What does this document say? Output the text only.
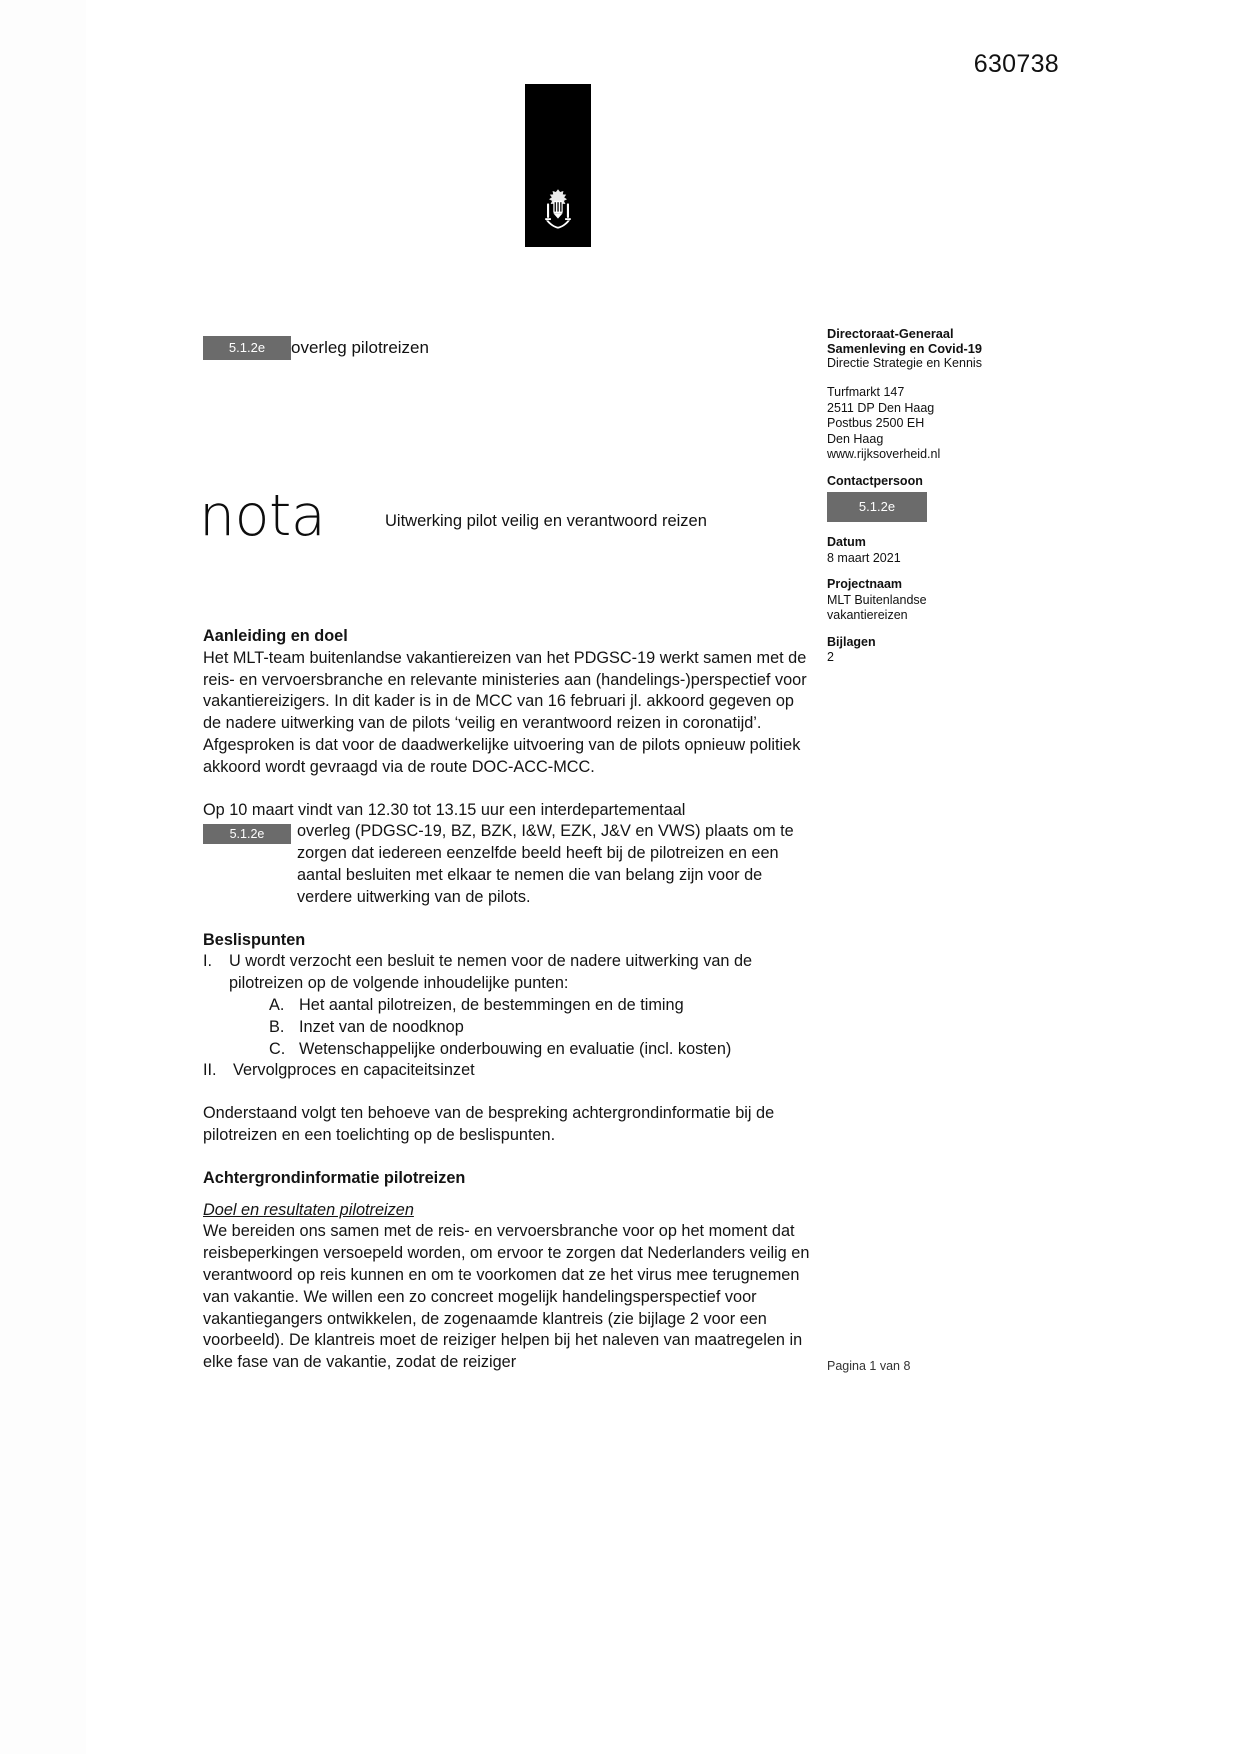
630738
5.1.2e	overleg pilotreizen
Directoraat-Generaal
Samenleving en Covid-19
Directie Strategie en Kennis
Turfmarkt 147
2511 DP Den Haag
Postbus 2500 EH
Den Haag
www.rijksoverheid.nl
Contactpersoon
5.1.2e
Datum
8 maart 2021
Projectnaam
MLT Buitenlandse
vakantiereizen
Bijlagen
2
nota	Uitwerking pilot veilig en verantwoord reizen
Aanleiding en doel

Het MLT-team buitenlandse vakantiereizen van het PDGSC-19 werkt samen met de reis- en vervoersbranche en relevante ministeries aan (handelings-)perspectief voor vakantiereizigers. In dit kader is in de MCC van 16 februari jl. akkoord gegeven op de nadere uitwerking van de pilots ‘veilig en verantwoord reizen in coronatijd’. Afgesproken is dat voor de daadwerkelijke uitvoering van de pilots opnieuw politiek akkoord wordt gevraagd via de route DOC-ACC-MCC.

Op 10 maart vindt van 12.30 tot 13.15 uur een interdepartementaal

5.1.2e	overleg (PDGSC-19, BZ, BZK, I&W, EZK, J&V en VWS) plaats om te zorgen dat iedereen eenzelfde beeld heeft bij de pilotreizen en een aantal besluiten met elkaar te nemen die van belang zijn voor de verdere uitwerking van de pilots.
Beslispunten
I.	U wordt verzocht een besluit te nemen voor de nadere uitwerking van de pilotreizen op de volgende inhoudelijke punten:
A. Het aantal pilotreizen, de bestemmingen en de timing
B. Inzet van de noodknop
C. Wetenschappelijke onderbouwing en evaluatie (incl. kosten)
II.	Vervolgproces en capaciteitsinzet

Onderstaand volgt ten behoeve van de bespreking achtergrondinformatie bij de pilotreizen en een toelichting op de beslispunten.

Achtergrondinformatie pilotreizen

Doel en resultaten pilotreizen

We bereiden ons samen met de reis- en vervoersbranche voor op het moment dat reisbeperkingen versoepeld worden, om ervoor te zorgen dat Nederlanders veilig en verantwoord op reis kunnen en om te voorkomen dat ze het virus mee terugnemen van vakantie. We willen een zo concreet mogelijk handelingsperspectief voor vakantiegangers ontwikkelen, de zogenaamde klantreis (zie bijlage 2 voor een voorbeeld). De klantreis moet de reiziger helpen bij het naleven van maatregelen in elke fase van de vakantie, zodat de reiziger	Pagina 1 van 8
